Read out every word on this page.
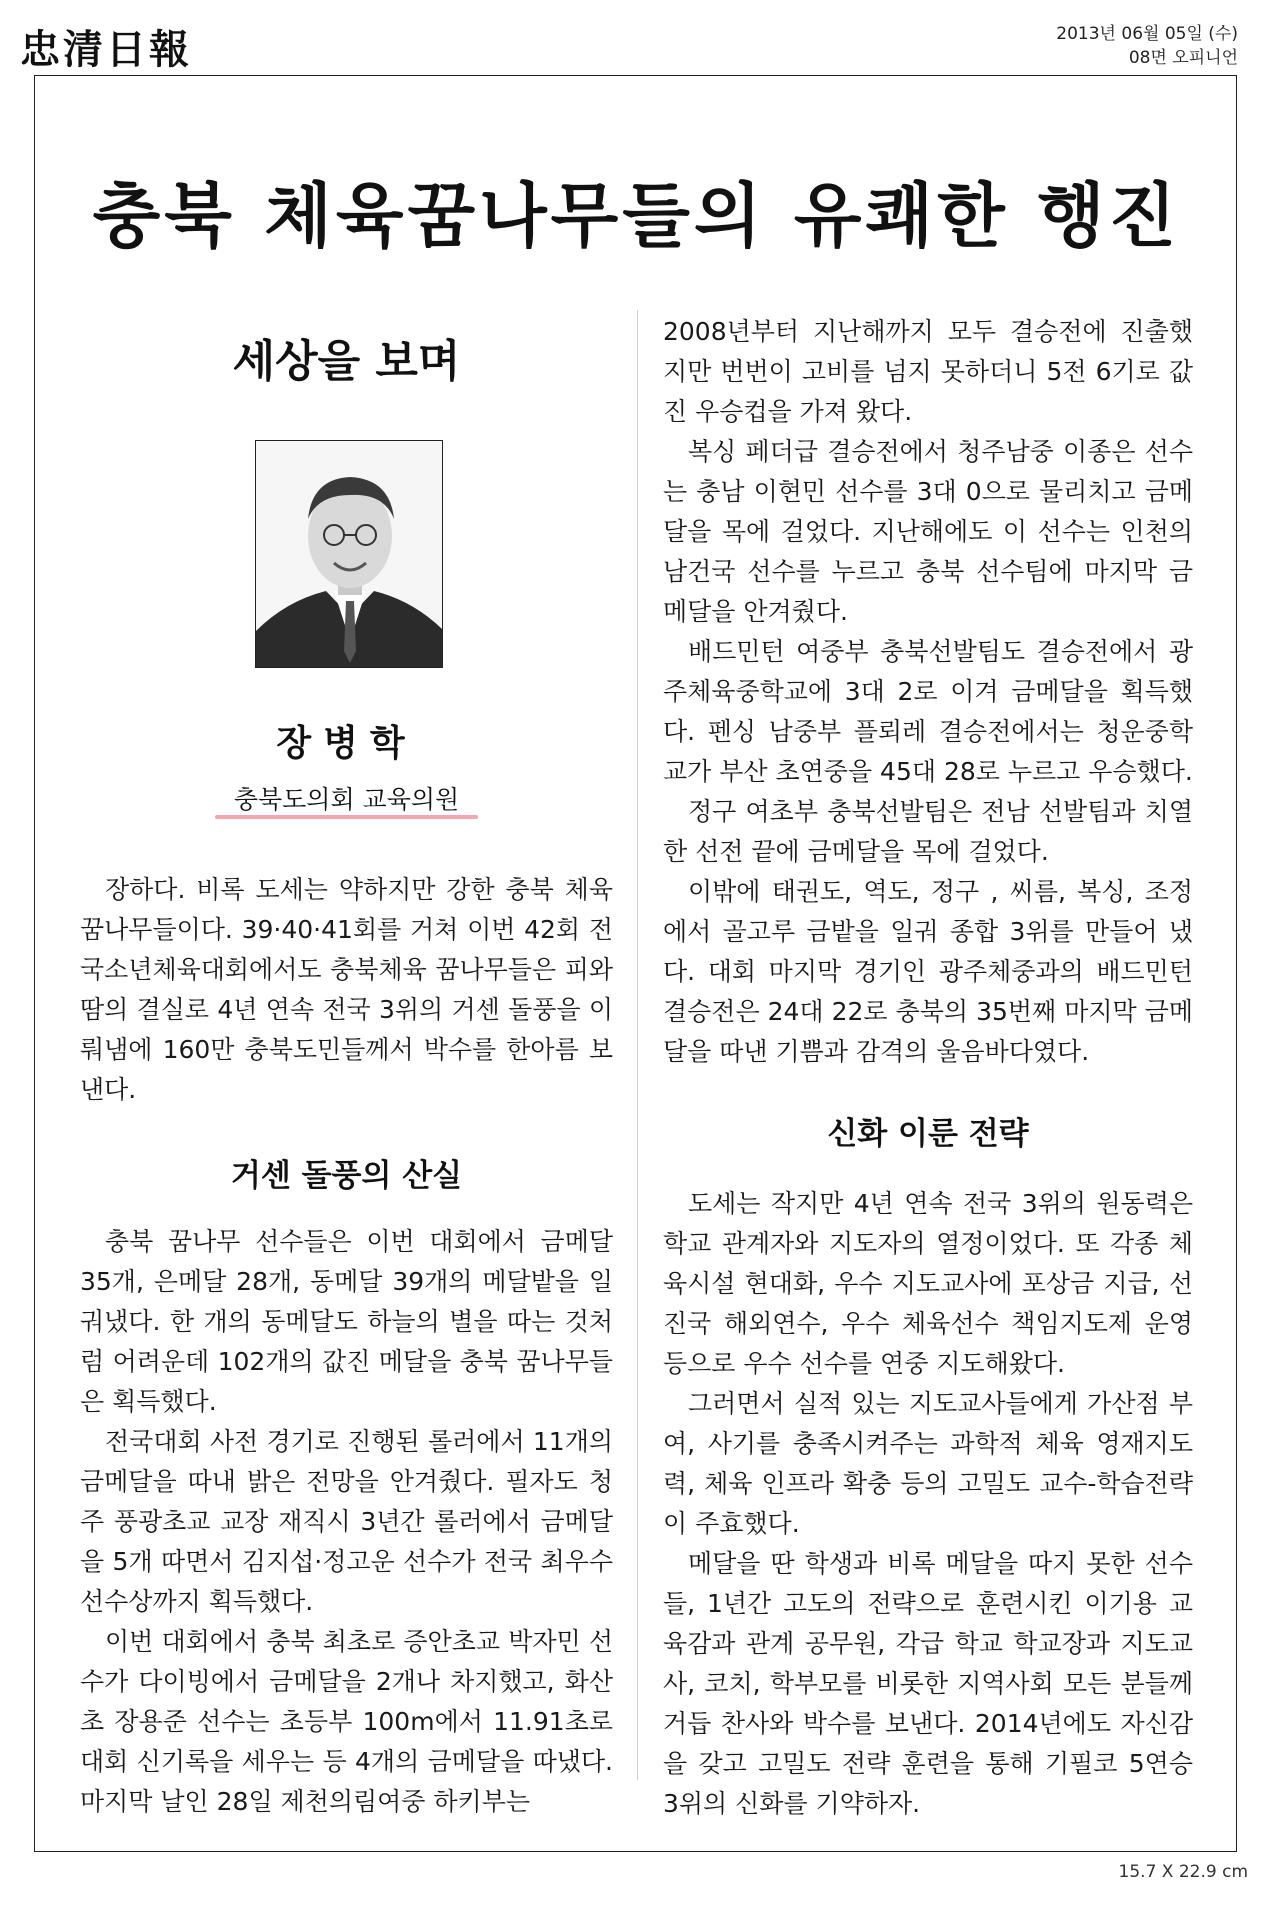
忠清日報	2013년 06월 05일 (수)
08면 오피니언
충북 체육꿈나무들의 유쾌한 행진
세상을 보며
장병학
충북도의회 교육의원

장하다. 비록 도세는 약하지만 강한 충북 체육 꿈나무들이다. 39·40·41회를 거쳐 이번 42회 전국소년체육대회에서도 충북체육 꿈나무들은 피와 땀의 결실로 4년 연속 전국 3위의 거센 돌풍을 이뤄냄에 160만 충북도민들께서 박수를 한아름 보낸다.

거센 돌풍의 산실

충북 꿈나무 선수들은 이번 대회에서 금메달 35개, 은메달 28개, 동메달 39개의 메달밭을 일궈냈다. 한 개의 동메달도 하늘의 별을 따는 것처럼 어려운데 102개의 값진 메달을 충북 꿈나무들은 획득했다.

전국대회 사전 경기로 진행된 롤러에서 11개의 금메달을 따내 밝은 전망을 안겨줬다. 필자도 청주 풍광초교 교장 재직시 3년간 롤러에서 금메달을 5개 따면서 김지섭·정고운 선수가 전국 최우수 선수상까지 획득했다.

이번 대회에서 충북 최초로 증안초교 박자민 선수가 다이빙에서 금메달을 2개나 차지했고, 화산초 장용준 선수는 초등부 100m에서 11.91초로 대회 신기록을 세우는 등 4개의 금메달을 따냈다. 마지막 날인 28일 제천의림여중 하키부는

2008년부터 지난해까지 모두 결승전에 진출했지만 번번이 고비를 넘지 못하더니 5전 6기로 값진 우승컵을 가져 왔다.

복싱 페더급 결승전에서 청주남중 이종은 선수는 충남 이현민 선수를 3대 0으로 물리치고 금메달을 목에 걸었다. 지난해에도 이 선수는 인천의 남건국 선수를 누르고 충북 선수팀에 마지막 금메달을 안겨줬다.

배드민턴 여중부 충북선발팀도 결승전에서 광주체육중학교에 3대 2로 이겨 금메달을 획득했다. 펜싱 남중부 플뢰레 결승전에서는 청운중학교가 부산 초연중을 45대 28로 누르고 우승했다.

정구 여초부 충북선발팀은 전남 선발팀과 치열한 선전 끝에 금메달을 목에 걸었다.

이밖에 태권도, 역도, 정구 , 씨름, 복싱, 조정에서 골고루 금밭을 일궈 종합 3위를 만들어 냈다. 대회 마지막 경기인 광주체중과의 배드민턴 결승전은 24대 22로 충북의 35번째 마지막 금메달을 따낸 기쁨과 감격의 울음바다였다.

신화 이룬 전략

도세는 작지만 4년 연속 전국 3위의 원동력은 학교 관계자와 지도자의 열정이었다. 또 각종 체육시설 현대화, 우수 지도교사에 포상금 지급, 선진국 해외연수, 우수 체육선수 책임지도제 운영 등으로 우수 선수를 연중 지도해왔다.

그러면서 실적 있는 지도교사들에게 가산점 부여, 사기를 충족시켜주는 과학적 체육 영재지도력, 체육 인프라 확충 등의 고밀도 교수-학습전략이 주효했다.

메달을 딴 학생과 비록 메달을 따지 못한 선수들, 1년간 고도의 전략으로 훈련시킨 이기용 교육감과 관계 공무원, 각급 학교 학교장과 지도교사, 코치, 학부모를 비롯한 지역사회 모든 분들께 거듭 찬사와 박수를 보낸다. 2014년에도 자신감을 갖고 고밀도 전략 훈련을 통해 기필코 5연승 3위의 신화를 기약하자.

15.7 X 22.9 cm
